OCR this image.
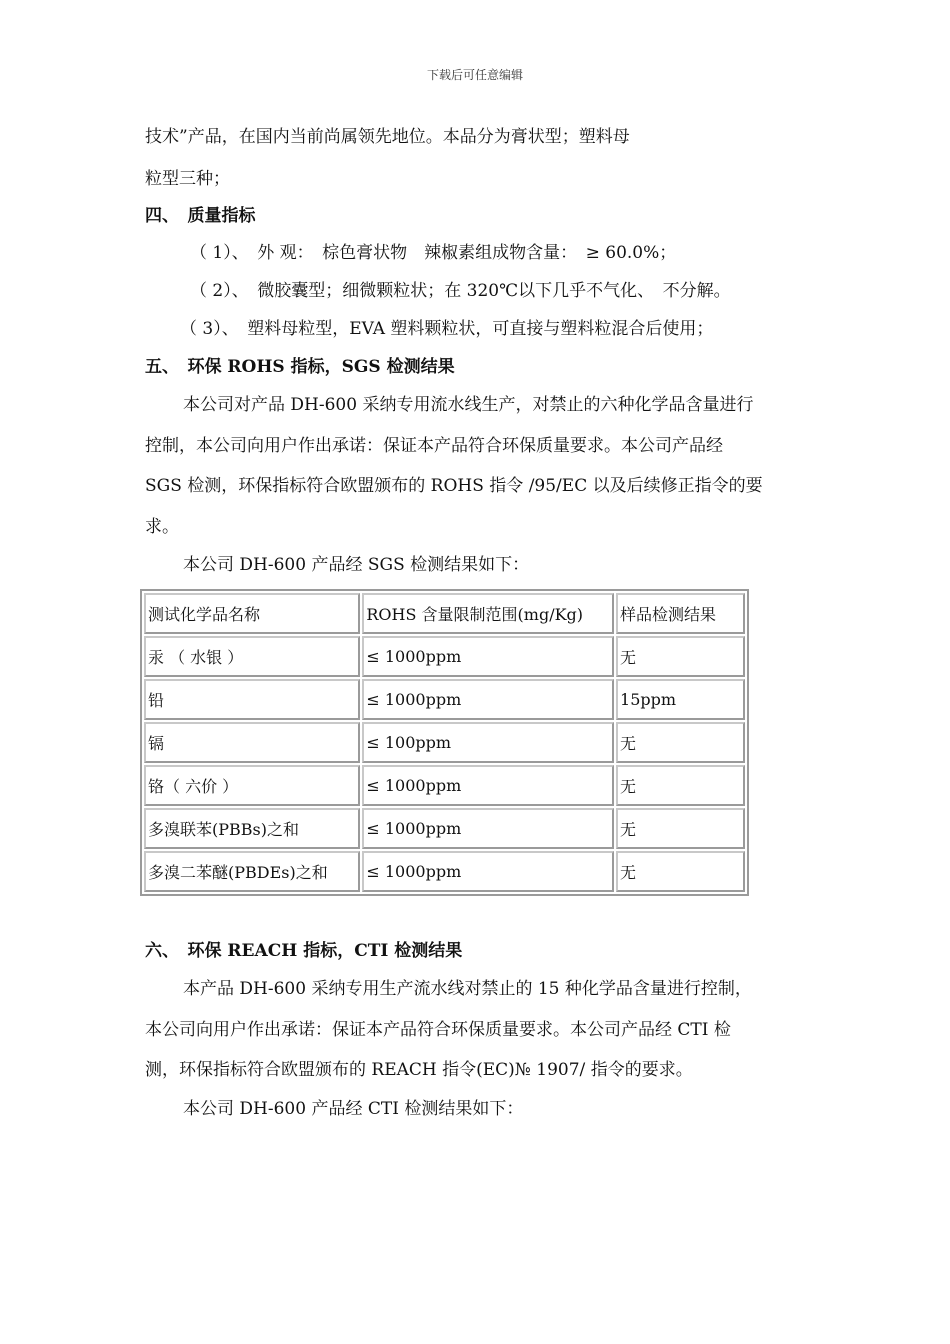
下载后可任意编辑
技术”产品，在国内当前尚属领先地位。本品分为膏状型；塑料母
粒型三种；
四、　质量指标
（ 1）、　外 观：　棕色膏状物　辣椒素组成物含量：　≥ 60.0%；
（ 2）、　微胶囊型；细微颗粒状；在 320℃以下几乎不气化、　不分解。
（ 3）、　塑料母粒型，EVA 塑料颗粒状，可直接与塑料粒混合后使用；
五、　环保 ROHS 指标，SGS 检测结果
本公司对产品 DH-600 采纳专用流水线生产，对禁止的六种化学品含量进行
控制，本公司向用户作出承诺：保证本产品符合环保质量要求。本公司产品经
SGS 检测，环保指标符合欧盟颁布的 ROHS 指令 /95/EC 以及后续修正指令的要
求。
本公司 DH-600 产品经 SGS 检测结果如下：
测试化学品名称	ROHS 含量限制范围(mg/Kg)	样品检测结果
汞 （ 水银 ）	≤ 1000ppm	无
铅	≤ 1000ppm	15ppm
镉	≤ 100ppm	无
铬（ 六价 ）	≤ 1000ppm	无
多溴联苯(PBBs)之和	≤ 1000ppm	无
多溴二苯醚(PBDEs)之和	≤ 1000ppm	无
六、　环保 REACH 指标，CTI 检测结果
本产品 DH-600 采纳专用生产流水线对禁止的 15 种化学品含量进行控制，
本公司向用户作出承诺：保证本产品符合环保质量要求。本公司产品经 CTI 检
测，环保指标符合欧盟颁布的 REACH 指令(EC)№ 1907/ 指令的要求。
本公司 DH-600 产品经 CTI 检测结果如下：
